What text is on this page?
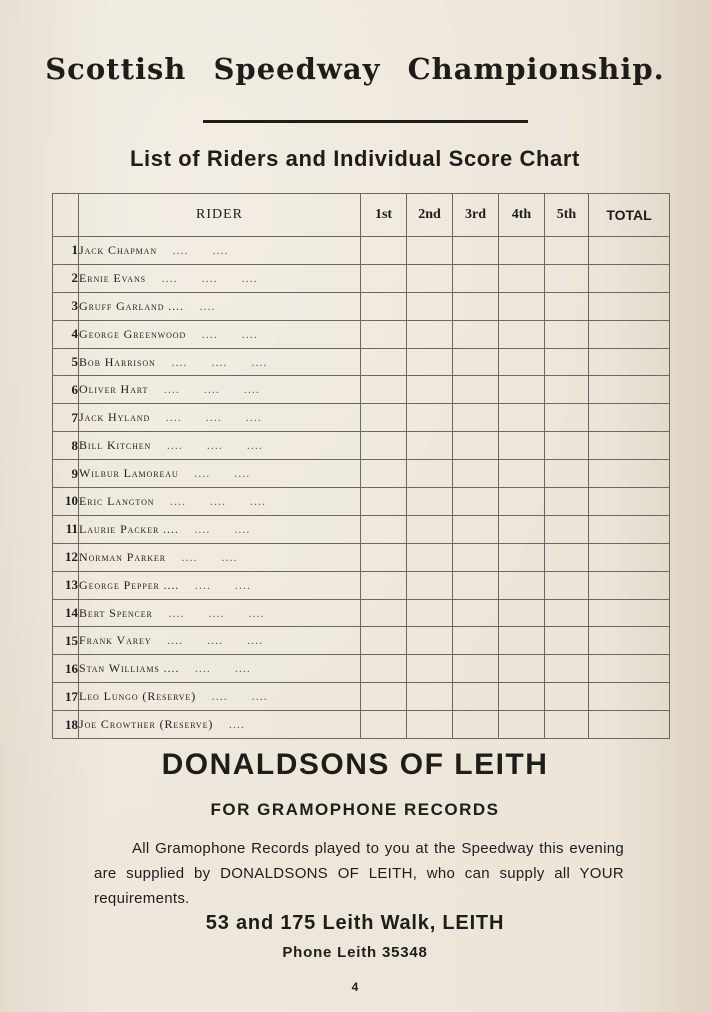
Scottish Speedway Championship.
List of Riders and Individual Score Chart
	RIDER	1st	2nd	3rd	4th	5th	TOTAL
1	Jack Chapman ....      ....						
2	Ernie Evans ....      ....      ....						
3	Gruff Garland .... ....						
4	George Greenwood ....      ....						
5	Bob Harrison ....      ....      ....						
6	Oliver Hart ....      ....      ....						
7	Jack Hyland ....      ....      ....						
8	Bill Kitchen ....      ....      ....						
9	Wilbur Lamoreau ....      ....						
10	Eric Langton ....      ....      ....						
11	Laurie Packer .... ....      ....						
12	Norman Parker ....      ....						
13	George Pepper .... ....      ....						
14	Bert Spencer ....      ....      ....						
15	Frank Varey ....      ....      ....						
16	Stan Williams .... ....      ....						
17	Leo Lungo (Reserve) ....      ....						
18	Joe Crowther (Reserve) ....						
DONALDSONS OF LEITH
FOR GRAMOPHONE RECORDS
All Gramophone Records played to you at the Speedway this evening are supplied by DONALDSONS OF LEITH, who can supply all YOUR requirements.
53 and 175 Leith Walk, LEITH
Phone Leith 35348
4
